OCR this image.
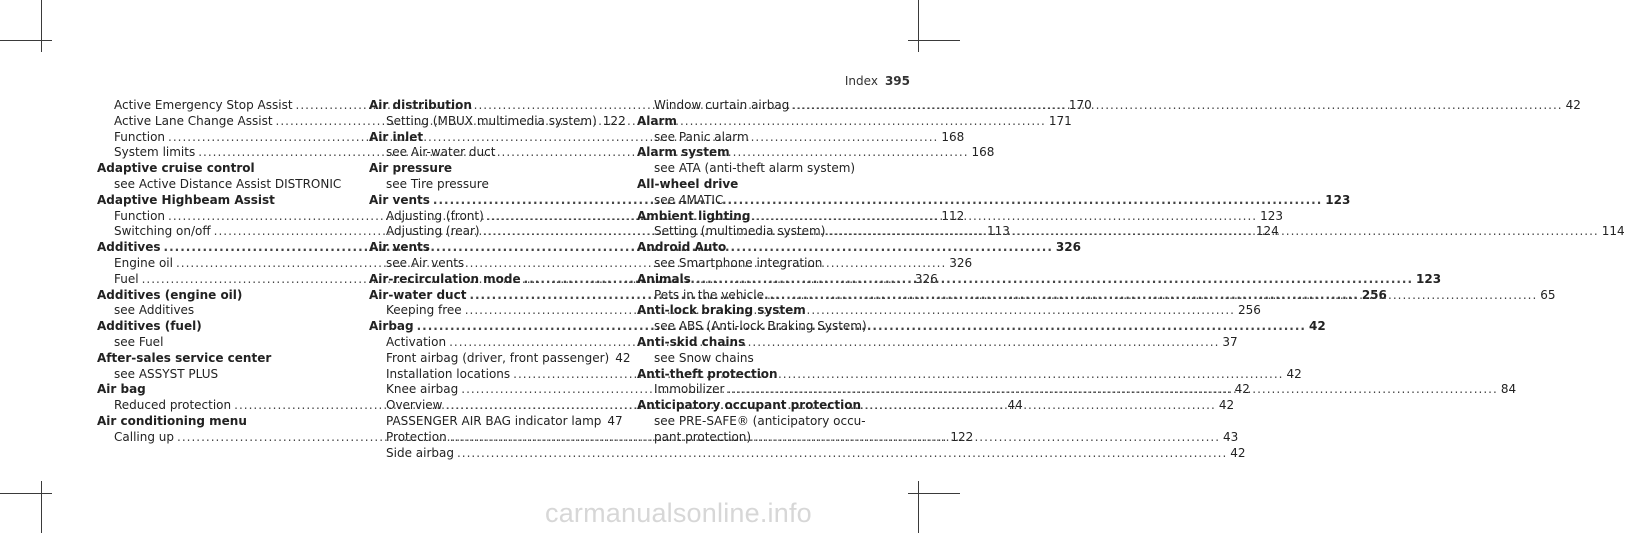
Index 395
Active Emergency Stop Assist .....	170
Active Lane Change Assist .....	171
Function .....	168
System limits .....	168
Adaptive cruise control
see Active Distance Assist DISTRONIC
Adaptive Highbeam Assist
Function .....	112
Switching on/off .....	113
Additives .....	326
Engine oil .....	326
Fuel .....	326
Additives (engine oil)
see Additives
Additives (fuel)
see Fuel
After-sales service center
see ASSYST PLUS
Air bag
Reduced protection .....	44
Air conditioning menu
Calling up .....	122
Air distribution
Setting (MBUX multimedia system) 122
Air inlet
see Air-water duct
Air pressure
see Tire pressure
Air vents .....	123
Adjusting (front) .....	123
Adjusting (rear) .....	124
Air vents
see Air vents
Air-recirculation mode .....	123
Air-water duct .....	256
Keeping free .....	256
Airbag .....	42
Activation .....	37
Front airbag (driver, front passenger) 42
Installation locations .....	42
Knee airbag .....	42
Overview .....	42
PASSENGER AIR BAG indicator lamp 47
Protection .....	43
Side airbag .....	42
Window curtain airbag .....	42
Alarm
see Panic alarm
Alarm system
see ATA (anti-theft alarm system)
All-wheel drive
see 4MATIC
Ambient lighting
Setting (multimedia system) .....	114
Android Auto
see Smartphone integration
Animals
Pets in the vehicle .....	65
Anti-lock braking system
see ABS (Anti-lock Braking System)
Anti-skid chains
see Snow chains
Anti-theft protection
Immobilizer .....	84
Anticipatory occupant protection
see PRE-SAFE® (anticipatory occu- pant protection)
carmanualsonline.info
